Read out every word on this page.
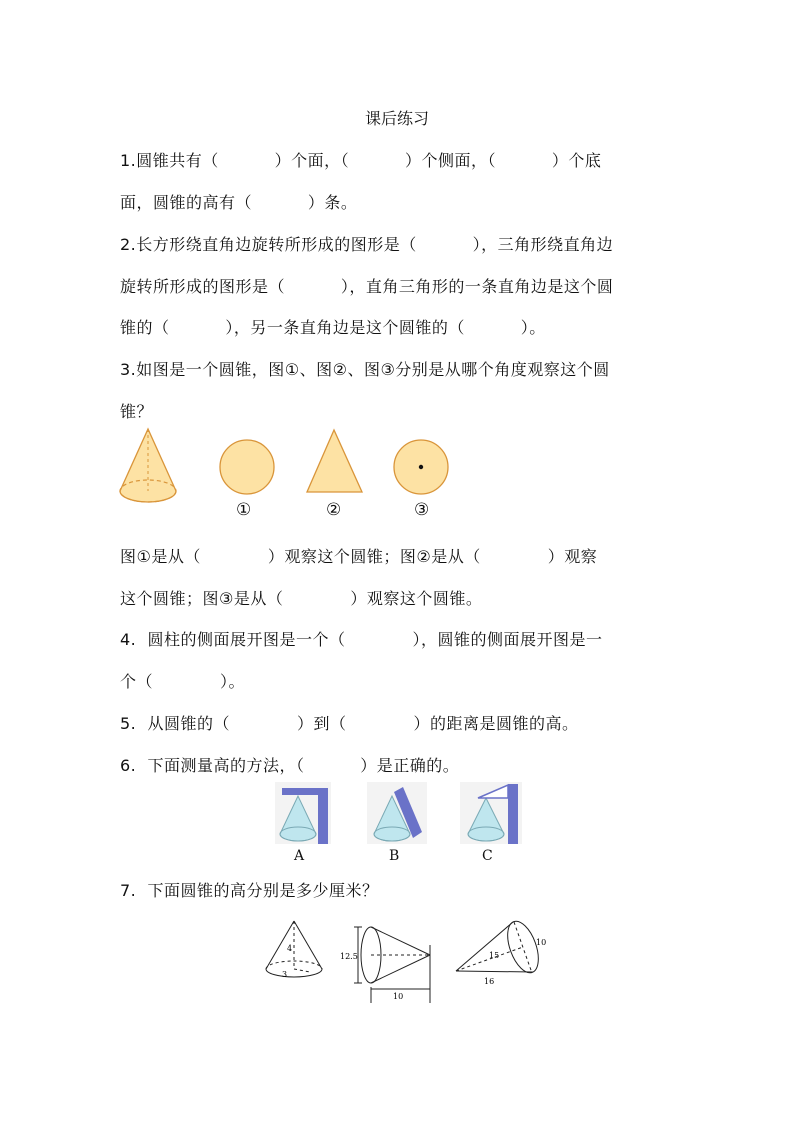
课后练习
1.圆锥共有（          ）个面，（          ）个侧面，（          ）个底
面，圆锥的高有（          ）条。
2.长方形绕直角边旋转所形成的图形是（          ），三角形绕直角边
旋转所形成的图形是（          ），直角三角形的一条直角边是这个圆
锥的（          ），另一条直角边是这个圆锥的（          ）。
3.如图是一个圆锥，图①、图②、图③分别是从哪个角度观察这个圆
锥？
①	②	③
图①是从（            ）观察这个圆锥；图②是从（            ）观察
这个圆锥；图③是从（            ）观察这个圆锥。
4.  圆柱的侧面展开图是一个（            ），圆锥的侧面展开图是一
个（            ）。
5.  从圆锥的（            ）到（            ）的距离是圆锥的高。
6.  下面测量高的方法，（          ）是正确的。
A	B	C
7.  下面圆锥的高分别是多少厘米？
4
3
12.5
10
10
15
16
